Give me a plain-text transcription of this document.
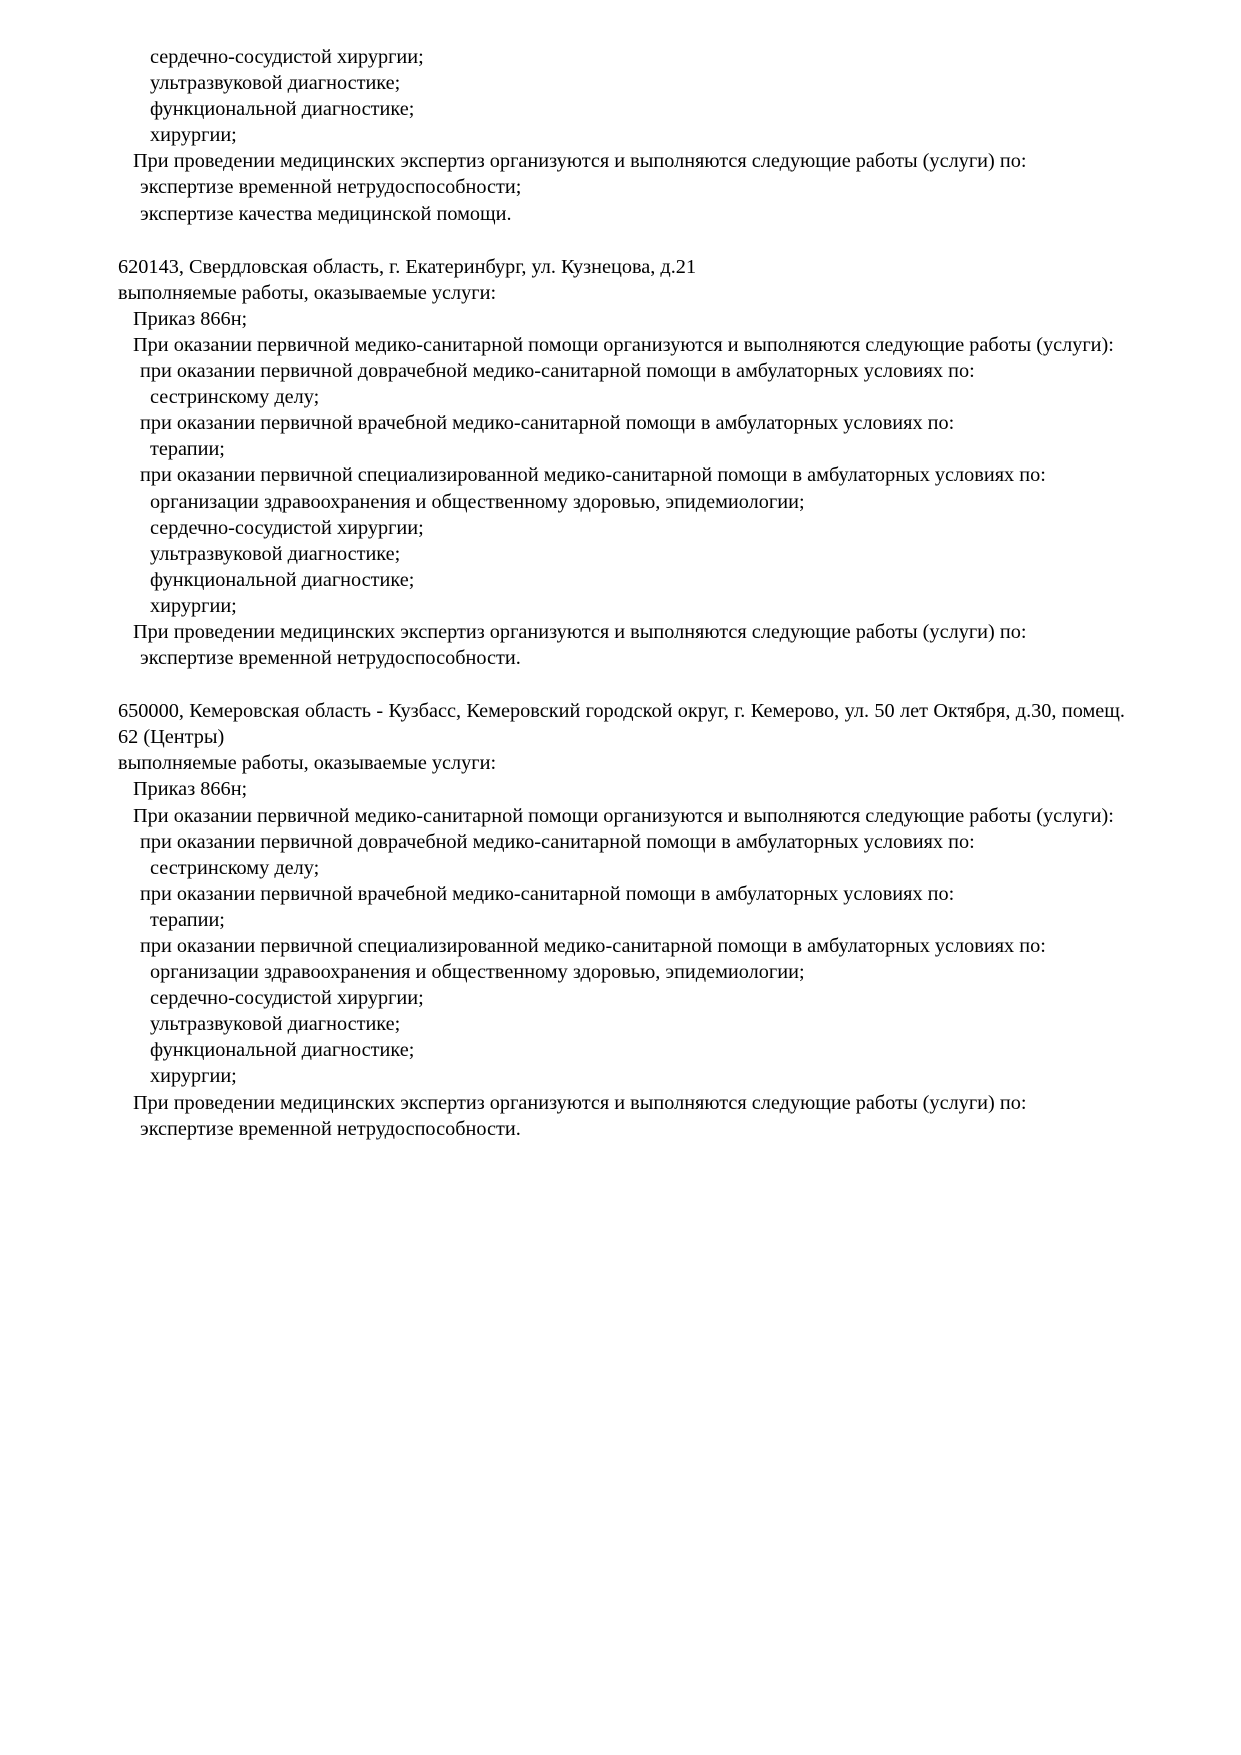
сердечно-сосудистой хирургии;

ультразвуковой диагностике;

функциональной диагностике;

хирургии;

При проведении медицинских экспертиз организуются и выполняются следующие работы (услуги) по:

экспертизе временной нетрудоспособности;

экспертизе качества медицинской помощи.

620143, Свердловская область, г. Екатеринбург, ул. Кузнецова, д.21

выполняемые работы, оказываемые услуги:

Приказ 866н;

При оказании первичной медико-санитарной помощи организуются и выполняются следующие работы (услуги):

при оказании первичной доврачебной медико-санитарной помощи в амбулаторных условиях по:

сестринскому делу;

при оказании первичной врачебной медико-санитарной помощи в амбулаторных условиях по:

терапии;

при оказании первичной специализированной медико-санитарной помощи в амбулаторных условиях по:

организации здравоохранения и общественному здоровью, эпидемиологии;

сердечно-сосудистой хирургии;

ультразвуковой диагностике;

функциональной диагностике;

хирургии;

При проведении медицинских экспертиз организуются и выполняются следующие работы (услуги) по:

экспертизе временной нетрудоспособности.

650000, Кемеровская область - Кузбасс, Кемеровский городской округ, г. Кемерово, ул. 50 лет Октября, д.30, помещ. 62 (Центры)

выполняемые работы, оказываемые услуги:

Приказ 866н;

При оказании первичной медико-санитарной помощи организуются и выполняются следующие работы (услуги):

при оказании первичной доврачебной медико-санитарной помощи в амбулаторных условиях по:

сестринскому делу;

при оказании первичной врачебной медико-санитарной помощи в амбулаторных условиях по:

терапии;

при оказании первичной специализированной медико-санитарной помощи в амбулаторных условиях по:

организации здравоохранения и общественному здоровью, эпидемиологии;

сердечно-сосудистой хирургии;

ультразвуковой диагностике;

функциональной диагностике;

хирургии;

При проведении медицинских экспертиз организуются и выполняются следующие работы (услуги) по:

экспертизе временной нетрудоспособности.
